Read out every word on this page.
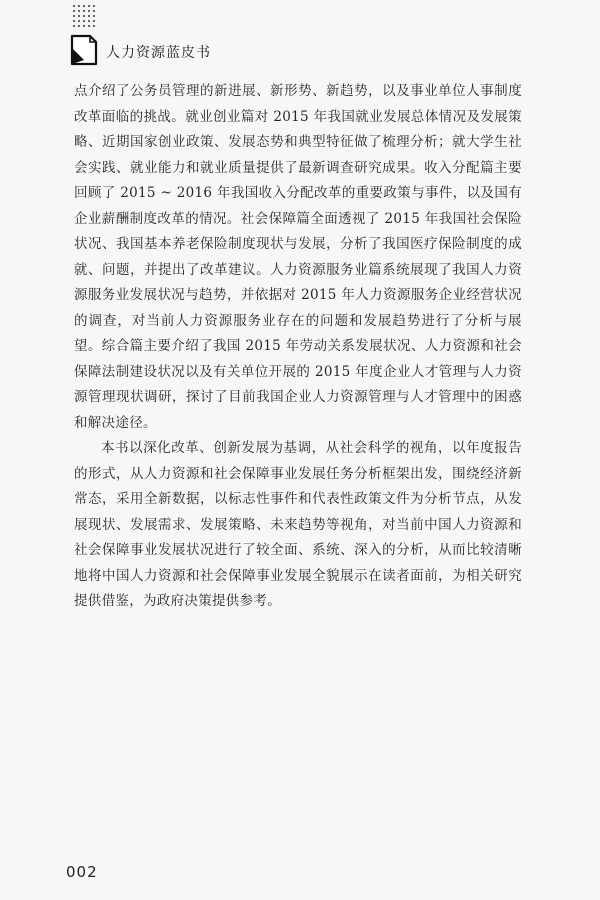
人力资源蓝皮书

点介绍了公务员管理的新进展、新形势、新趋势，以及事业单位人事制度改革面临的挑战。就业创业篇对 2015 年我国就业发展总体情况及发展策略、近期国家创业政策、发展态势和典型特征做了梳理分析；就大学生社会实践、就业能力和就业质量提供了最新调查研究成果。收入分配篇主要回顾了 2015 ~ 2016 年我国收入分配改革的重要政策与事件，以及国有企业薪酬制度改革的情况。社会保障篇全面透视了 2015 年我国社会保险状况、我国基本养老保险制度现状与发展，分析了我国医疗保险制度的成就、问题，并提出了改革建议。人力资源服务业篇系统展现了我国人力资源服务业发展状况与趋势，并依据对 2015 年人力资源服务企业经营状况的调查，对当前人力资源服务业存在的问题和发展趋势进行了分析与展望。综合篇主要介绍了我国 2015 年劳动关系发展状况、人力资源和社会保障法制建设状况以及有关单位开展的 2015 年度企业人才管理与人力资源管理现状调研，探讨了目前我国企业人力资源管理与人才管理中的困惑和解决途径。

本书以深化改革、创新发展为基调，从社会科学的视角，以年度报告的形式，从人力资源和社会保障事业发展任务分析框架出发，围绕经济新常态，采用全新数据，以标志性事件和代表性政策文件为分析节点，从发展现状、发展需求、发展策略、未来趋势等视角，对当前中国人力资源和社会保障事业发展状况进行了较全面、系统、深入的分析，从而比较清晰地将中国人力资源和社会保障事业发展全貌展示在读者面前，为相关研究提供借鉴，为政府决策提供参考。

002
